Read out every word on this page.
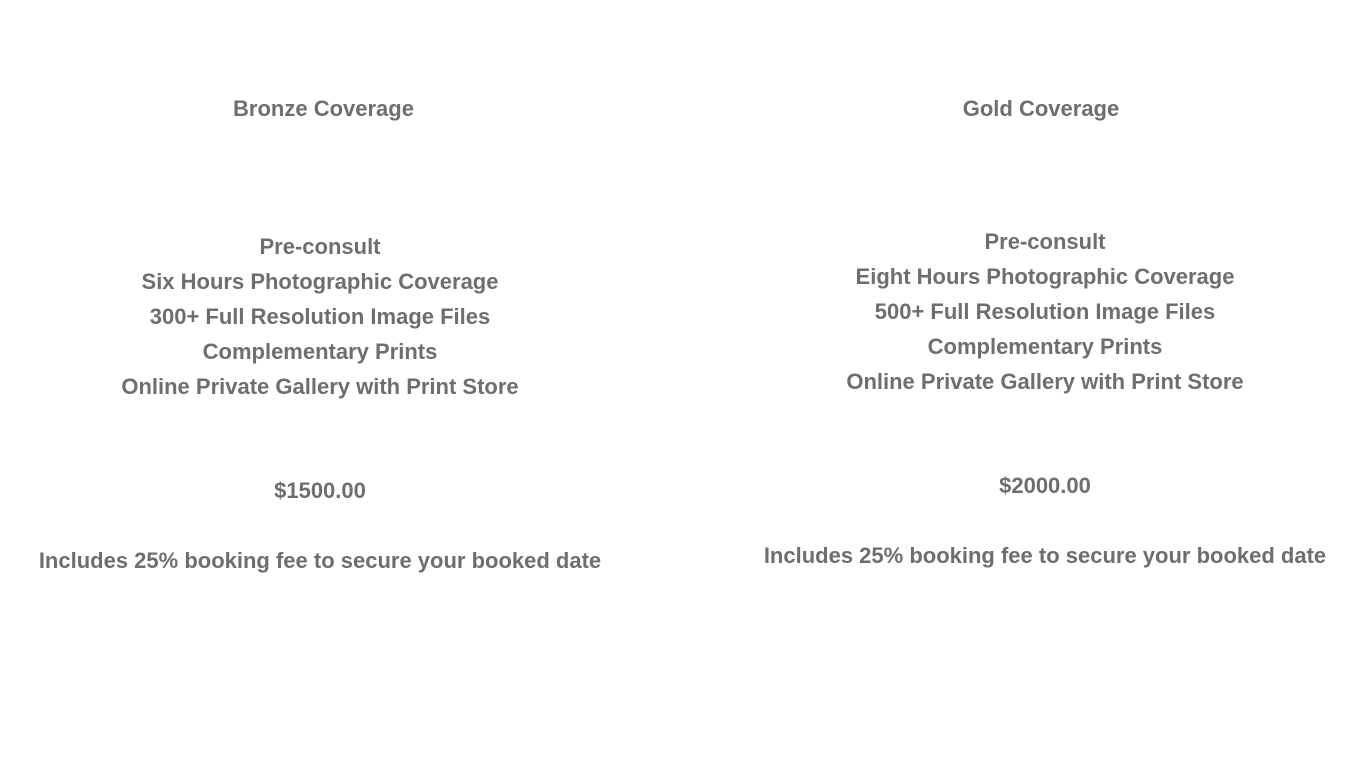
Bronze Coverage
Pre-consult
Six Hours Photographic Coverage
300+ Full Resolution Image Files
Complementary Prints
Online Private Gallery with Print Store
$1500.00
Includes 25% booking fee to secure your booked date
Gold Coverage
Pre-consult
Eight Hours Photographic Coverage
500+ Full Resolution Image Files
Complementary Prints
Online Private Gallery with Print Store
$2000.00
Includes 25% booking fee to secure your booked date
